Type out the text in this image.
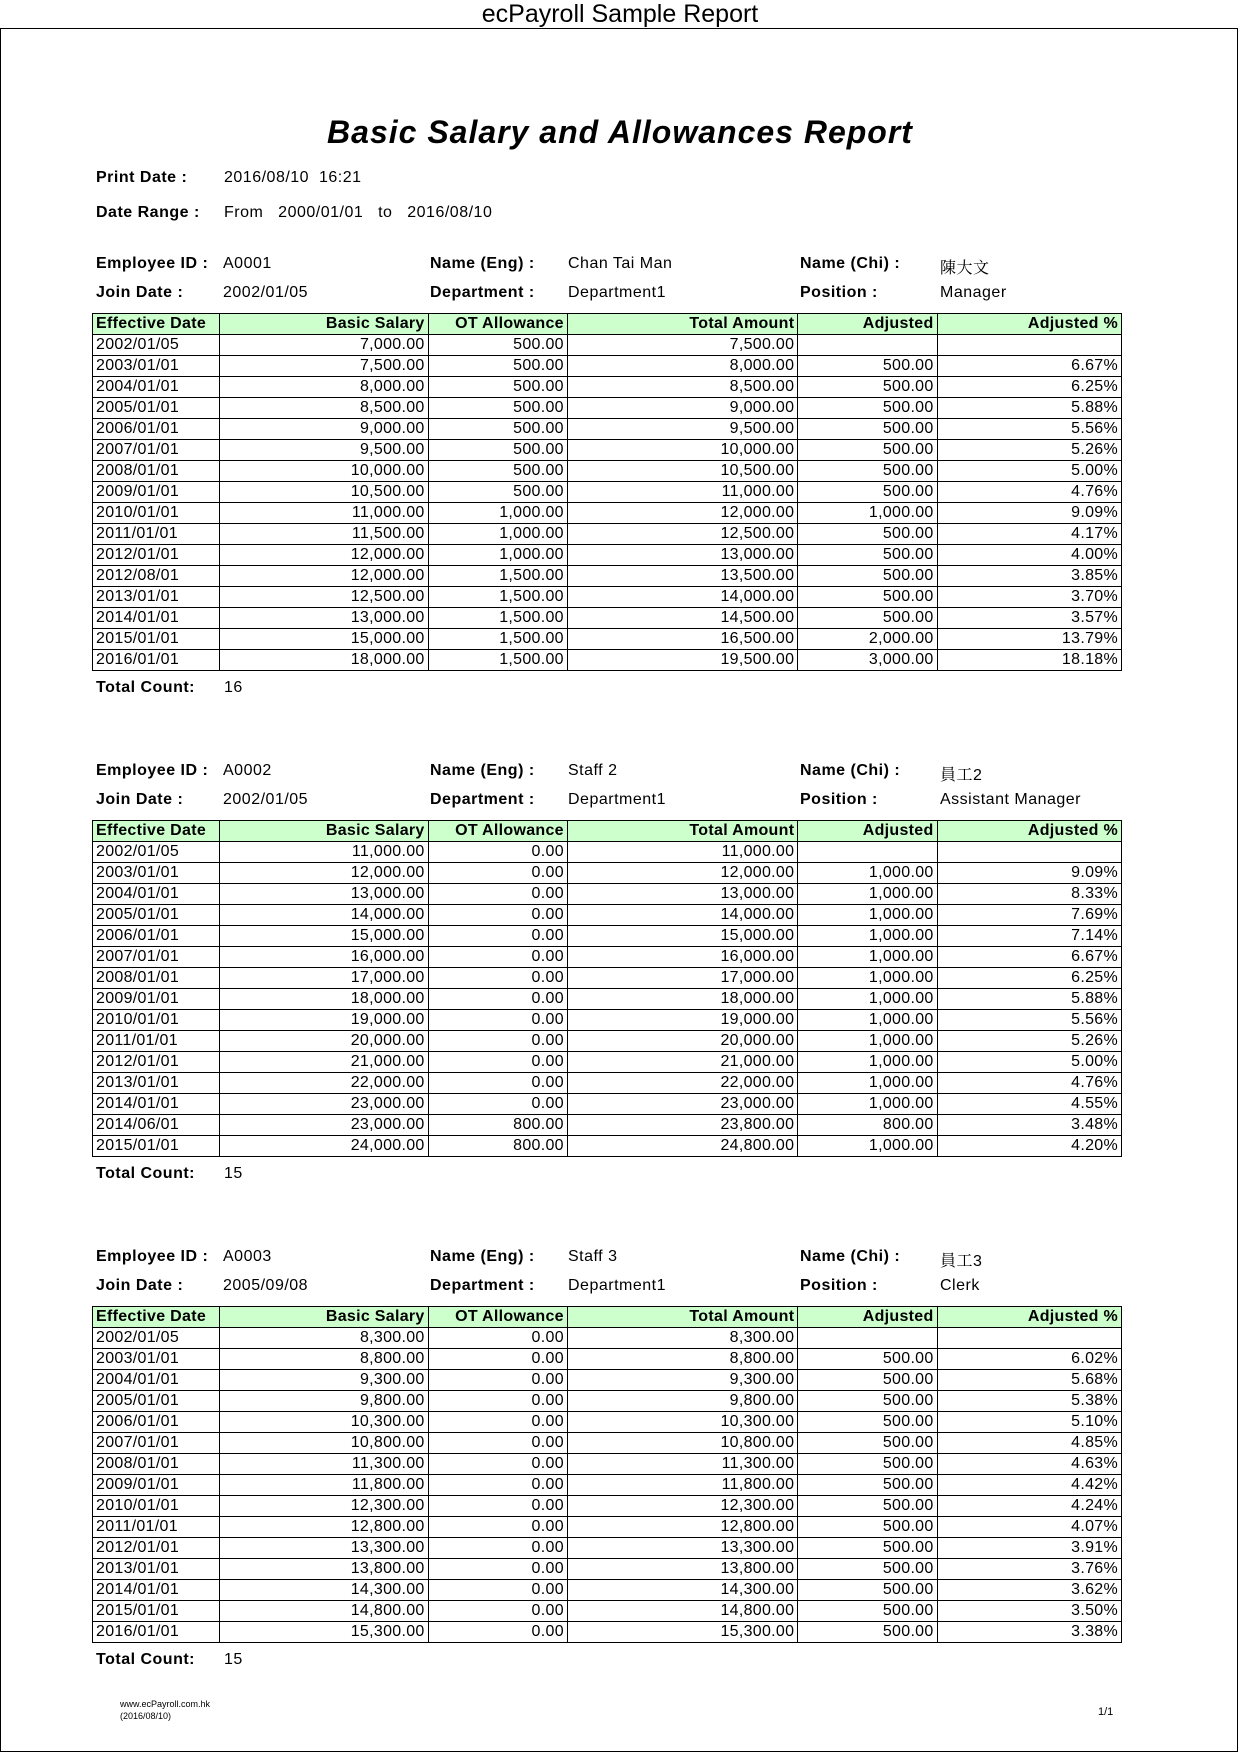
ecPayroll Sample Report
Basic Salary and Allowances Report
Print Date : 2016/08/10  16:21
Date Range : From   2000/01/01   to   2016/08/10
Employee ID : A0001	Name (Eng) : Chan Tai Man	Name (Chi) : 陳大文
Join Date : 2002/01/05	Department : Department1	Position :	Manager
Effective Date	Basic Salary	OT Allowance	Total Amount	Adjusted	Adjusted %
2002/01/05	7,000.00	500.00	7,500.00		
2003/01/01	7,500.00	500.00	8,000.00	500.00	6.67%
2004/01/01	8,000.00	500.00	8,500.00	500.00	6.25%
2005/01/01	8,500.00	500.00	9,000.00	500.00	5.88%
2006/01/01	9,000.00	500.00	9,500.00	500.00	5.56%
2007/01/01	9,500.00	500.00	10,000.00	500.00	5.26%
2008/01/01	10,000.00	500.00	10,500.00	500.00	5.00%
2009/01/01	10,500.00	500.00	11,000.00	500.00	4.76%
2010/01/01	11,000.00	1,000.00	12,000.00	1,000.00	9.09%
2011/01/01	11,500.00	1,000.00	12,500.00	500.00	4.17%
2012/01/01	12,000.00	1,000.00	13,000.00	500.00	4.00%
2012/08/01	12,000.00	1,500.00	13,500.00	500.00	3.85%
2013/01/01	12,500.00	1,500.00	14,000.00	500.00	3.70%
2014/01/01	13,000.00	1,500.00	14,500.00	500.00	3.57%
2015/01/01	15,000.00	1,500.00	16,500.00	2,000.00	13.79%
2016/01/01	18,000.00	1,500.00	19,500.00	3,000.00	18.18%
Total Count: 16
Employee ID : A0002	Name (Eng) : Staff 2	Name (Chi) : 員工2
Join Date : 2002/01/05	Department : Department1	Position :	Assistant Manager
Effective Date	Basic Salary	OT Allowance	Total Amount	Adjusted	Adjusted %
2002/01/05	11,000.00	0.00	11,000.00		
2003/01/01	12,000.00	0.00	12,000.00	1,000.00	9.09%
2004/01/01	13,000.00	0.00	13,000.00	1,000.00	8.33%
2005/01/01	14,000.00	0.00	14,000.00	1,000.00	7.69%
2006/01/01	15,000.00	0.00	15,000.00	1,000.00	7.14%
2007/01/01	16,000.00	0.00	16,000.00	1,000.00	6.67%
2008/01/01	17,000.00	0.00	17,000.00	1,000.00	6.25%
2009/01/01	18,000.00	0.00	18,000.00	1,000.00	5.88%
2010/01/01	19,000.00	0.00	19,000.00	1,000.00	5.56%
2011/01/01	20,000.00	0.00	20,000.00	1,000.00	5.26%
2012/01/01	21,000.00	0.00	21,000.00	1,000.00	5.00%
2013/01/01	22,000.00	0.00	22,000.00	1,000.00	4.76%
2014/01/01	23,000.00	0.00	23,000.00	1,000.00	4.55%
2014/06/01	23,000.00	800.00	23,800.00	800.00	3.48%
2015/01/01	24,000.00	800.00	24,800.00	1,000.00	4.20%
Total Count: 15
Employee ID : A0003	Name (Eng) : Staff 3	Name (Chi) : 員工3
Join Date : 2005/09/08	Department : Department1	Position :	Clerk
Effective Date	Basic Salary	OT Allowance	Total Amount	Adjusted	Adjusted %
2002/01/05	8,300.00	0.00	8,300.00		
2003/01/01	8,800.00	0.00	8,800.00	500.00	6.02%
2004/01/01	9,300.00	0.00	9,300.00	500.00	5.68%
2005/01/01	9,800.00	0.00	9,800.00	500.00	5.38%
2006/01/01	10,300.00	0.00	10,300.00	500.00	5.10%
2007/01/01	10,800.00	0.00	10,800.00	500.00	4.85%
2008/01/01	11,300.00	0.00	11,300.00	500.00	4.63%
2009/01/01	11,800.00	0.00	11,800.00	500.00	4.42%
2010/01/01	12,300.00	0.00	12,300.00	500.00	4.24%
2011/01/01	12,800.00	0.00	12,800.00	500.00	4.07%
2012/01/01	13,300.00	0.00	13,300.00	500.00	3.91%
2013/01/01	13,800.00	0.00	13,800.00	500.00	3.76%
2014/01/01	14,300.00	0.00	14,300.00	500.00	3.62%
2015/01/01	14,800.00	0.00	14,800.00	500.00	3.50%
2016/01/01	15,300.00	0.00	15,300.00	500.00	3.38%
Total Count: 15
www.ecPayroll.com.hk
(2016/08/10)	1/1
